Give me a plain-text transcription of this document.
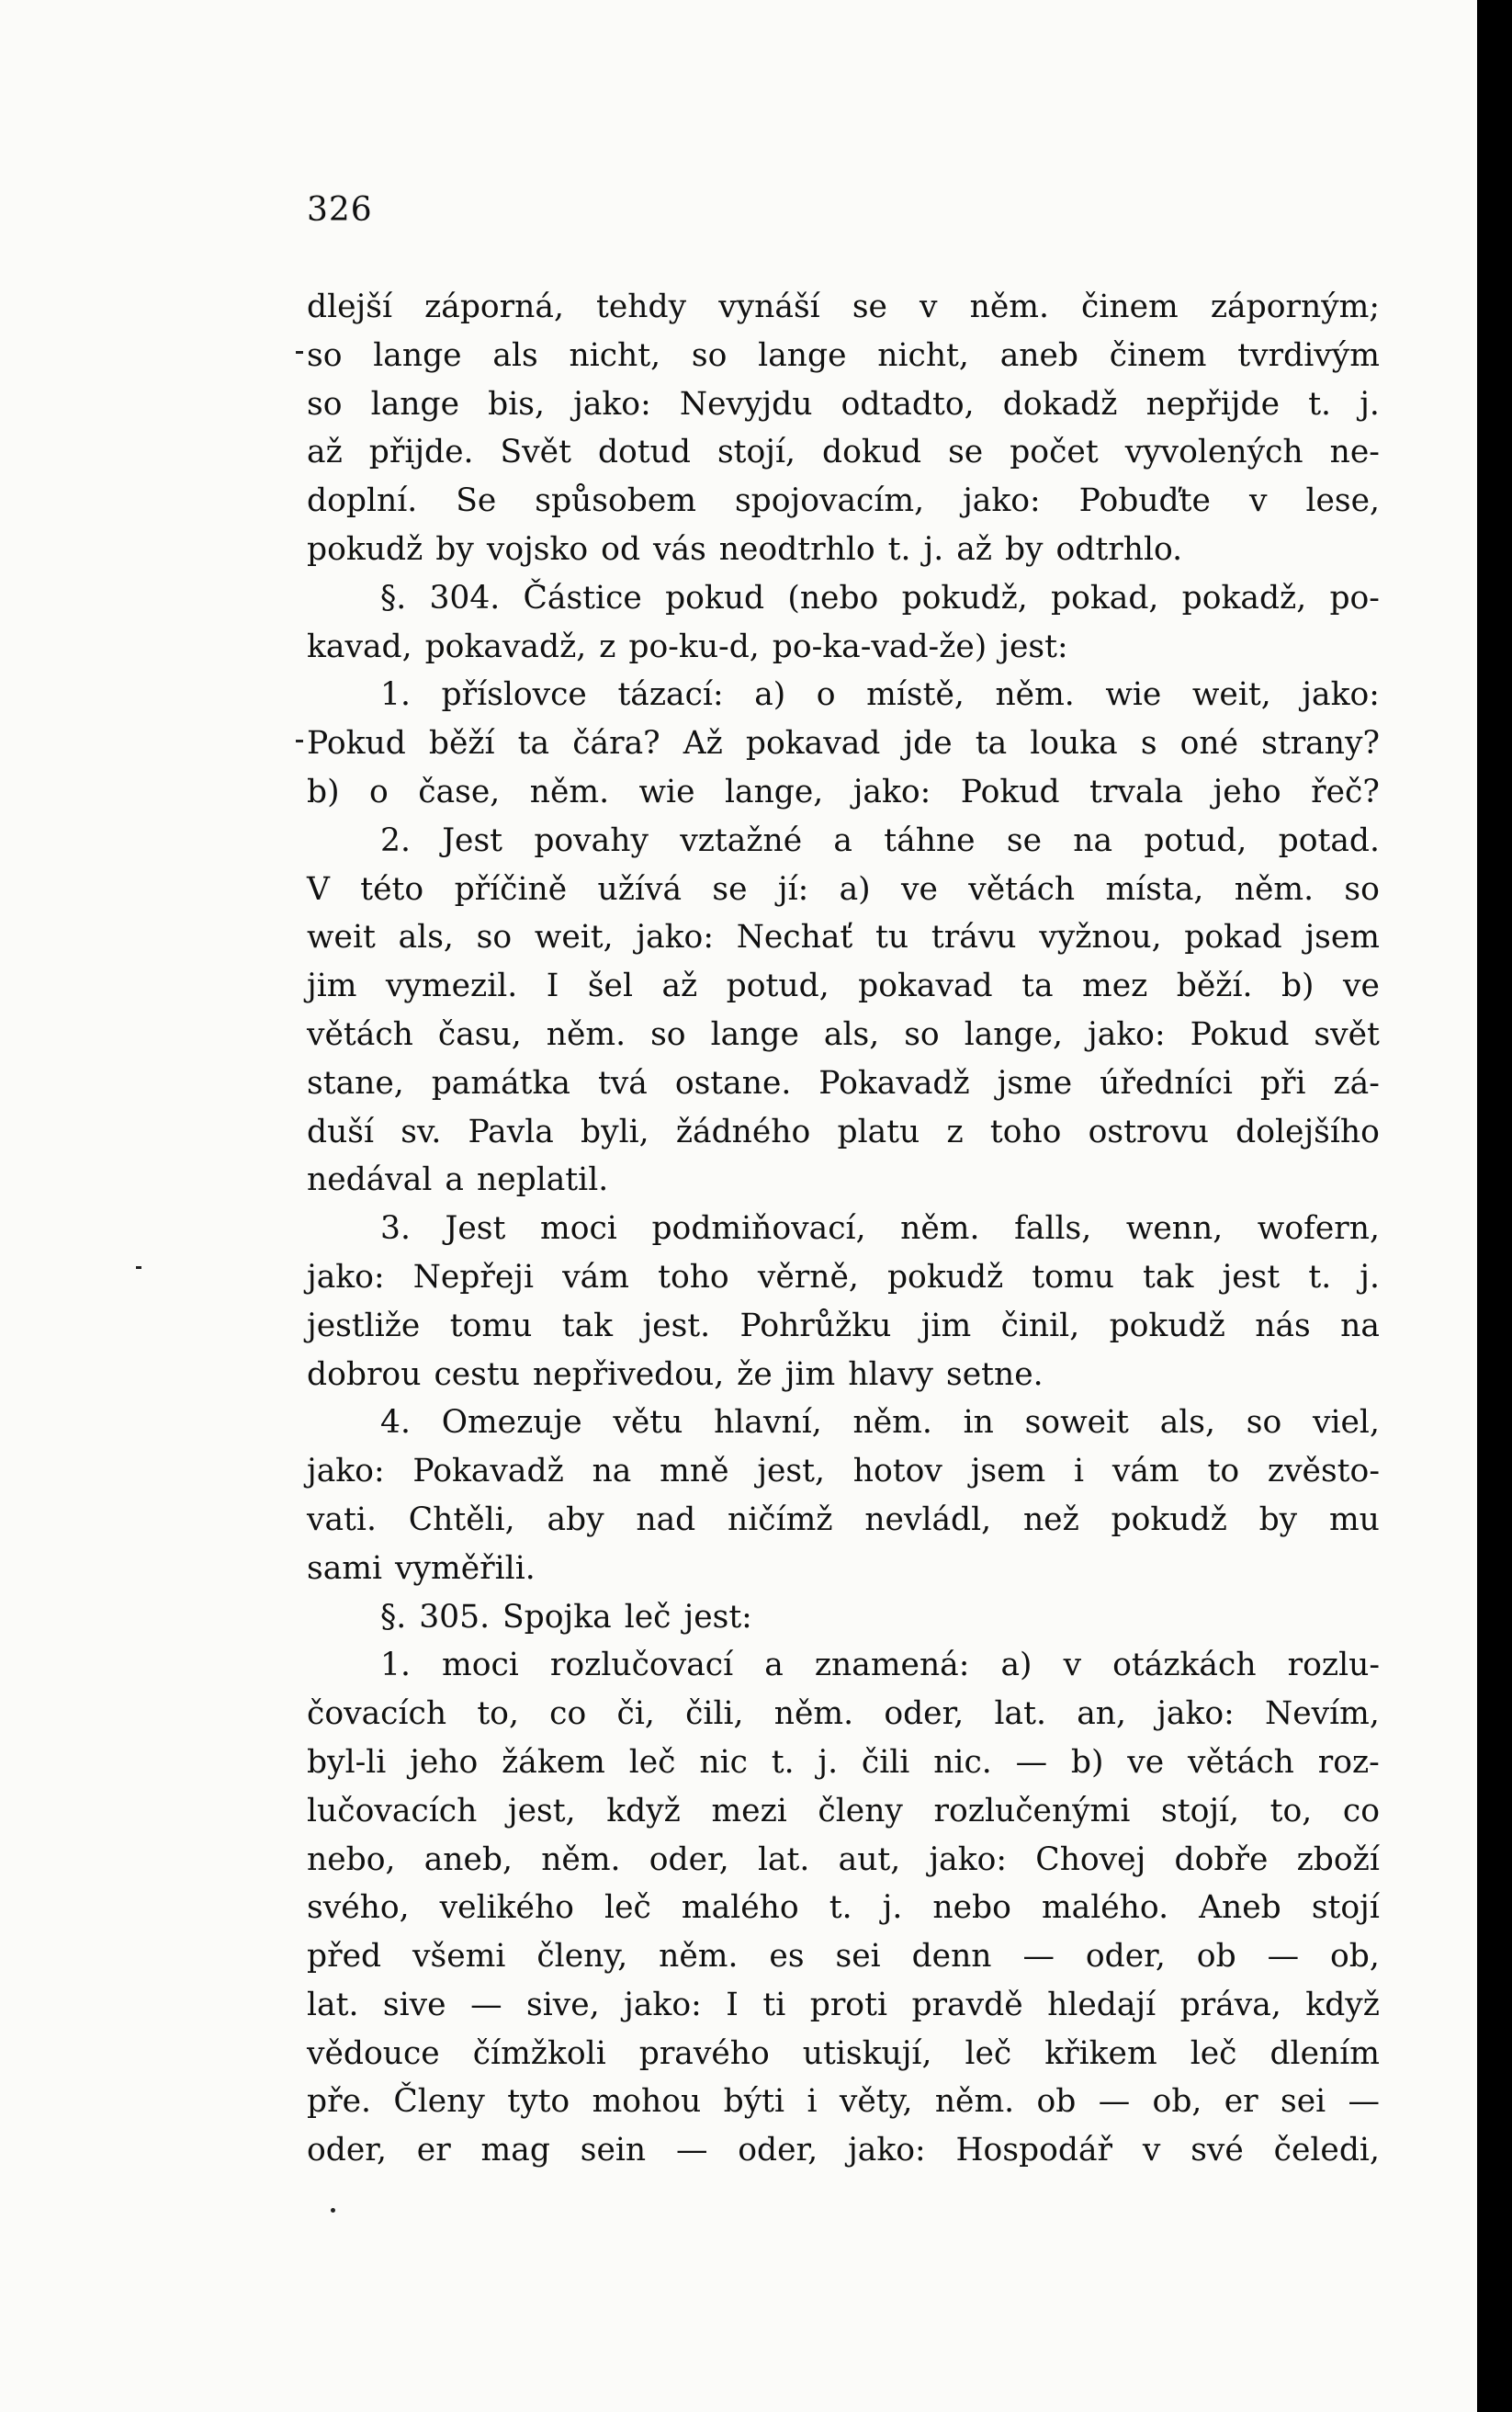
326
dlejší záporná, tehdy vynáší se v něm. činem záporným;
so lange als nicht, so lange nicht, aneb činem tvrdivým
so lange bis, jako: Nevyjdu odtadto, dokadž nepřijde t. j.
až přijde. Svět dotud stojí, dokud se počet vyvolených ne-
doplní. Se spůsobem spojovacím, jako: Pobuďte v lese,
pokudž by vojsko od vás neodtrhlo t. j. až by odtrhlo.
§. 304. Částice pokud (nebo pokudž, pokad, pokadž, po-
kavad, pokavadž, z po-ku-d, po-ka-vad-že) jest:
1. příslovce tázací: a) o místě, něm. wie weit, jako:
Pokud běží ta čára? Až pokavad jde ta louka s oné strany?
b) o čase, něm. wie lange, jako: Pokud trvala jeho řeč?
2. Jest povahy vztažné a táhne se na potud, potad.
V této příčině užívá se jí: a) ve větách místa, něm. so
weit als, so weit, jako: Nechať tu trávu vyžnou, pokad jsem
jim vymezil. I šel až potud, pokavad ta mez běží. b) ve
větách času, něm. so lange als, so lange, jako: Pokud svět
stane, památka tvá ostane. Pokavadž jsme úředníci při zá-
duší sv. Pavla byli, žádného platu z toho ostrovu dolejšího
nedával a neplatil.
3. Jest moci podmiňovací, něm. falls, wenn, wofern,
jako: Nepřeji vám toho věrně, pokudž tomu tak jest t. j.
jestliže tomu tak jest. Pohrůžku jim činil, pokudž nás na
dobrou cestu nepřivedou, že jim hlavy setne.
4. Omezuje větu hlavní, něm. in soweit als, so viel,
jako: Pokavadž na mně jest, hotov jsem i vám to zvěsto-
vati. Chtěli, aby nad ničímž nevládl, než pokudž by mu
sami vyměřili.
§. 305. Spojka leč jest:
1. moci rozlučovací a znamená: a) v otázkách rozlu-
čovacích to, co či, čili, něm. oder, lat. an, jako: Nevím,
byl-li jeho žákem leč nic t. j. čili nic. — b) ve větách roz-
lučovacích jest, když mezi členy rozlučenými stojí, to, co
nebo, aneb, něm. oder, lat. aut, jako: Chovej dobře zboží
svého, velikého leč malého t. j. nebo malého. Aneb stojí
před všemi členy, něm. es sei denn — oder, ob — ob,
lat. sive — sive, jako: I ti proti pravdě hledají práva, když
vědouce čímžkoli pravého utiskují, leč křikem leč dlením
pře. Členy tyto mohou býti i věty, něm. ob — ob, er sei —
oder, er mag sein — oder, jako: Hospodář v své čeledi,
